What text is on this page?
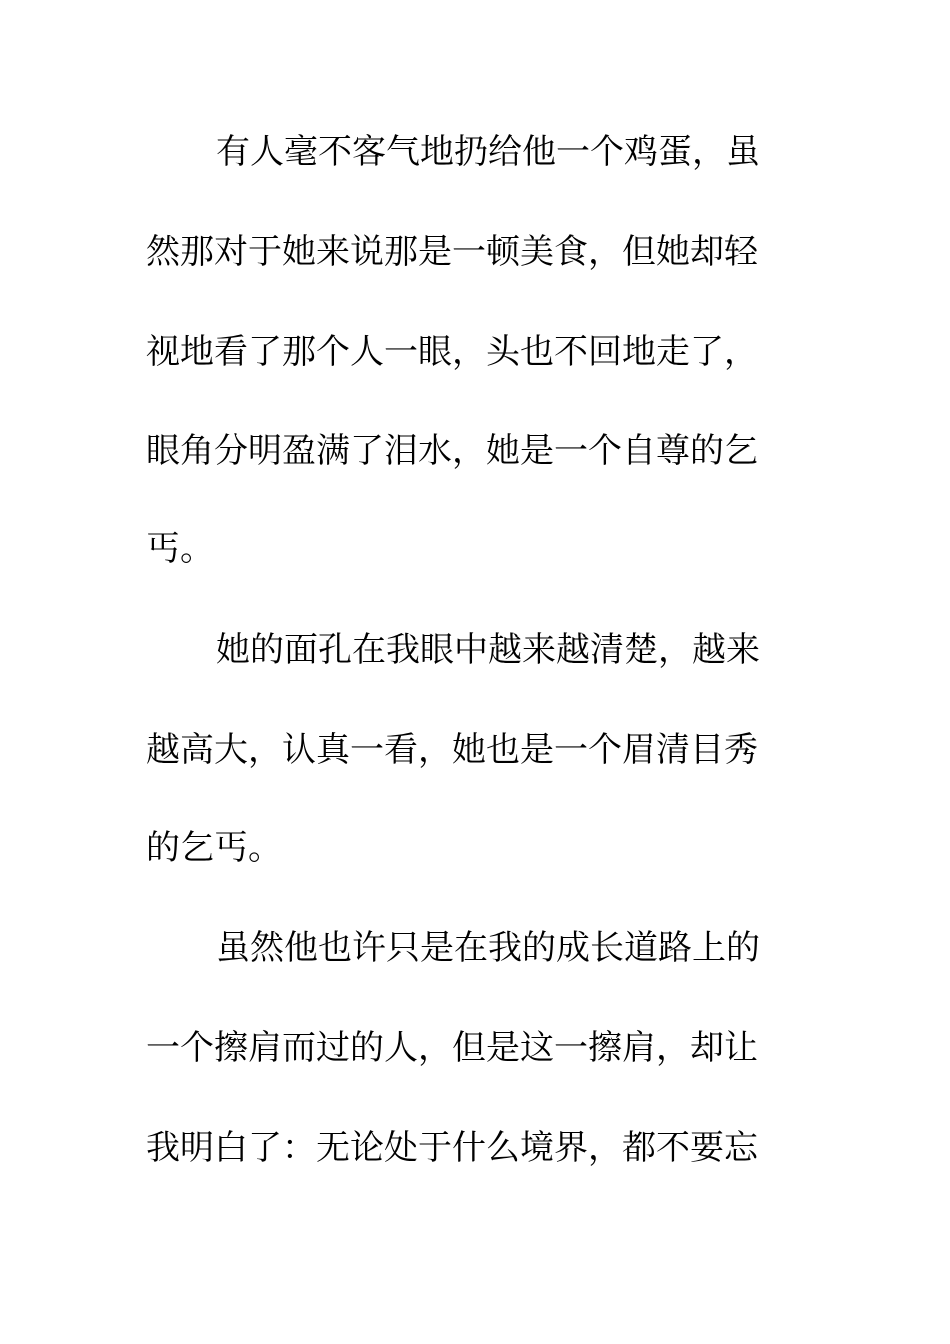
有人毫不客气地扔给他一个鸡蛋，虽
然那对于她来说那是一顿美食，但她却轻
视地看了那个人一眼，头也不回地走了，
眼角分明盈满了泪水，她是一个自尊的乞
丐。
她的面孔在我眼中越来越清楚，越来
越高大，认真一看，她也是一个眉清目秀
的乞丐。
虽然他也许只是在我的成长道路上的
一个擦肩而过的人，但是这一擦肩，却让
我明白了：无论处于什么境界，都不要忘
